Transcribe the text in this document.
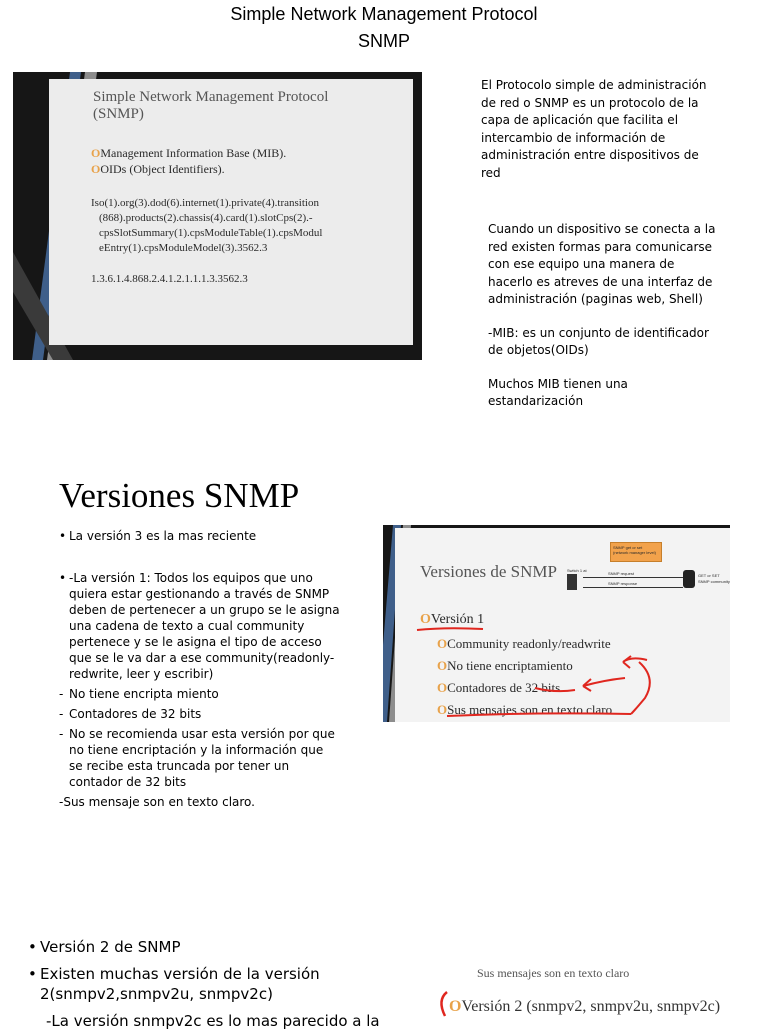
Simple Network Management Protocol
SNMP
Simple Network Management Protocol
(SNMP)
OManagement Information Base (MIB).
OOIDs (Object Identifiers).
Iso(1).org(3).dod(6).internet(1).private(4).transition
(868).products(2).chassis(4).card(1).slotCps(2).-
cpsSlotSummary(1).cpsModuleTable(1).cpsModul
eEntry(1).cpsModuleModel(3).3562.3
1.3.6.1.4.868.2.4.1.2.1.1.1.3.3562.3
El Protocolo simple de administración
de red o SNMP es un protocolo de la
capa de aplicación que facilita el
intercambio de información de
administración entre dispositivos de
red
Cuando un dispositivo se conecta a la
red existen formas para comunicarse
con ese equipo una manera de
hacerlo es atreves de una interfaz de
administración (paginas web, Shell)
-MIB: es un conjunto de identificador
de objetos(OIDs)
Muchos MIB tienen una
estandarización
Versiones SNMP
• La versión 3 es la mas reciente
• -La versión 1: Todos los equipos que uno
quiera estar gestionando a través de SNMP
deben de pertenecer a un grupo se le asigna
una cadena de texto a cual community
pertenece y se le asigna el tipo de acceso
que se le va dar a ese community(readonly-
redwrite, leer y escribir)
- No tiene encripta miento
- Contadores de 32 bits
- No se recomienda usar esta versión por que
no tiene encriptación y la información que
se recibe esta truncada por tener un
contador de 32 bits
-Sus mensaje son en texto claro.
Versiones de SNMP
SNMP get or set
(network manager level)
Switch 1 at
SNMP request
SNMP response
GET or SET
SNMP community
OVersión 1
OCommunity readonly/readwrite
ONo tiene encriptamiento
OContadores de 32 bits
OSus mensajes son en texto claro
• Versión 2 de SNMP
• Existen muchas versión de la versión
2(snmpv2,snmpv2u, snmpv2c)
-La versión snmpv2c es lo mas parecido a la
Sus mensajes son en texto claro
OVersión 2 (snmpv2, snmpv2u, snmpv2c)
